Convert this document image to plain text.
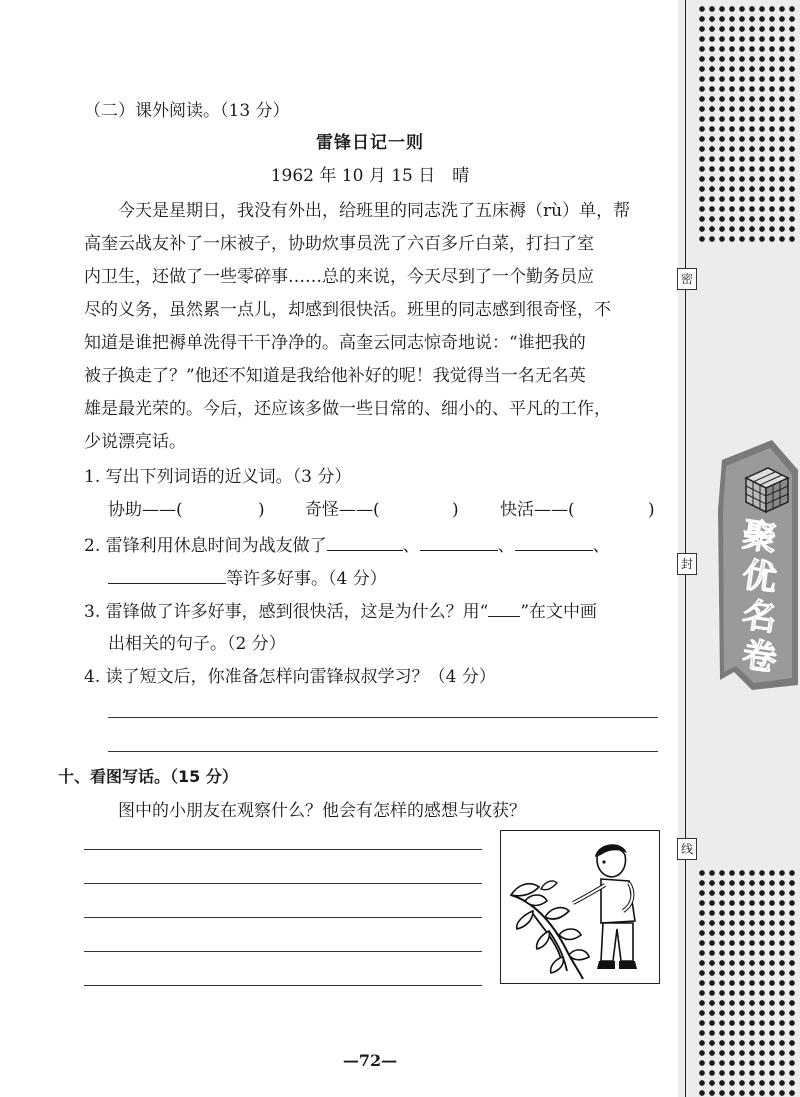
密
封
线
聚
优
名
卷
（二）课外阅读。（13 分）
雷锋日记一则
1962 年 10 月 15 日　晴
今天是星期日，我没有外出，给班里的同志洗了五床褥（rù）单，帮
高奎云战友补了一床被子，协助炊事员洗了六百多斤白菜，打扫了室
内卫生，还做了一些零碎事……总的来说，今天尽到了一个勤务员应
尽的义务，虽然累一点儿，却感到很快活。班里的同志感到很奇怪，不
知道是谁把褥单洗得干干净净的。高奎云同志惊奇地说：“谁把我的
被子换走了？”他还不知道是我给他补好的呢！我觉得当一名无名英
雄是最光荣的。今后，还应该多做一些日常的、细小的、平凡的工作，
少说漂亮话。
1. 写出下列词语的近义词。（3 分）
协助——(	) 奇怪——(	) 快活——(	)
2. 雷锋利用休息时间为战友做了	、	、	、
等许多好事。（4 分）
3. 雷锋做了许多好事，感到很快活，这是为什么？用“ ”在文中画
出相关的句子。（2 分）
4. 读了短文后，你准备怎样向雷锋叔叔学习？（4 分）
十、看图写话。（15 分）
图中的小朋友在观察什么？他会有怎样的感想与收获？
—72—
